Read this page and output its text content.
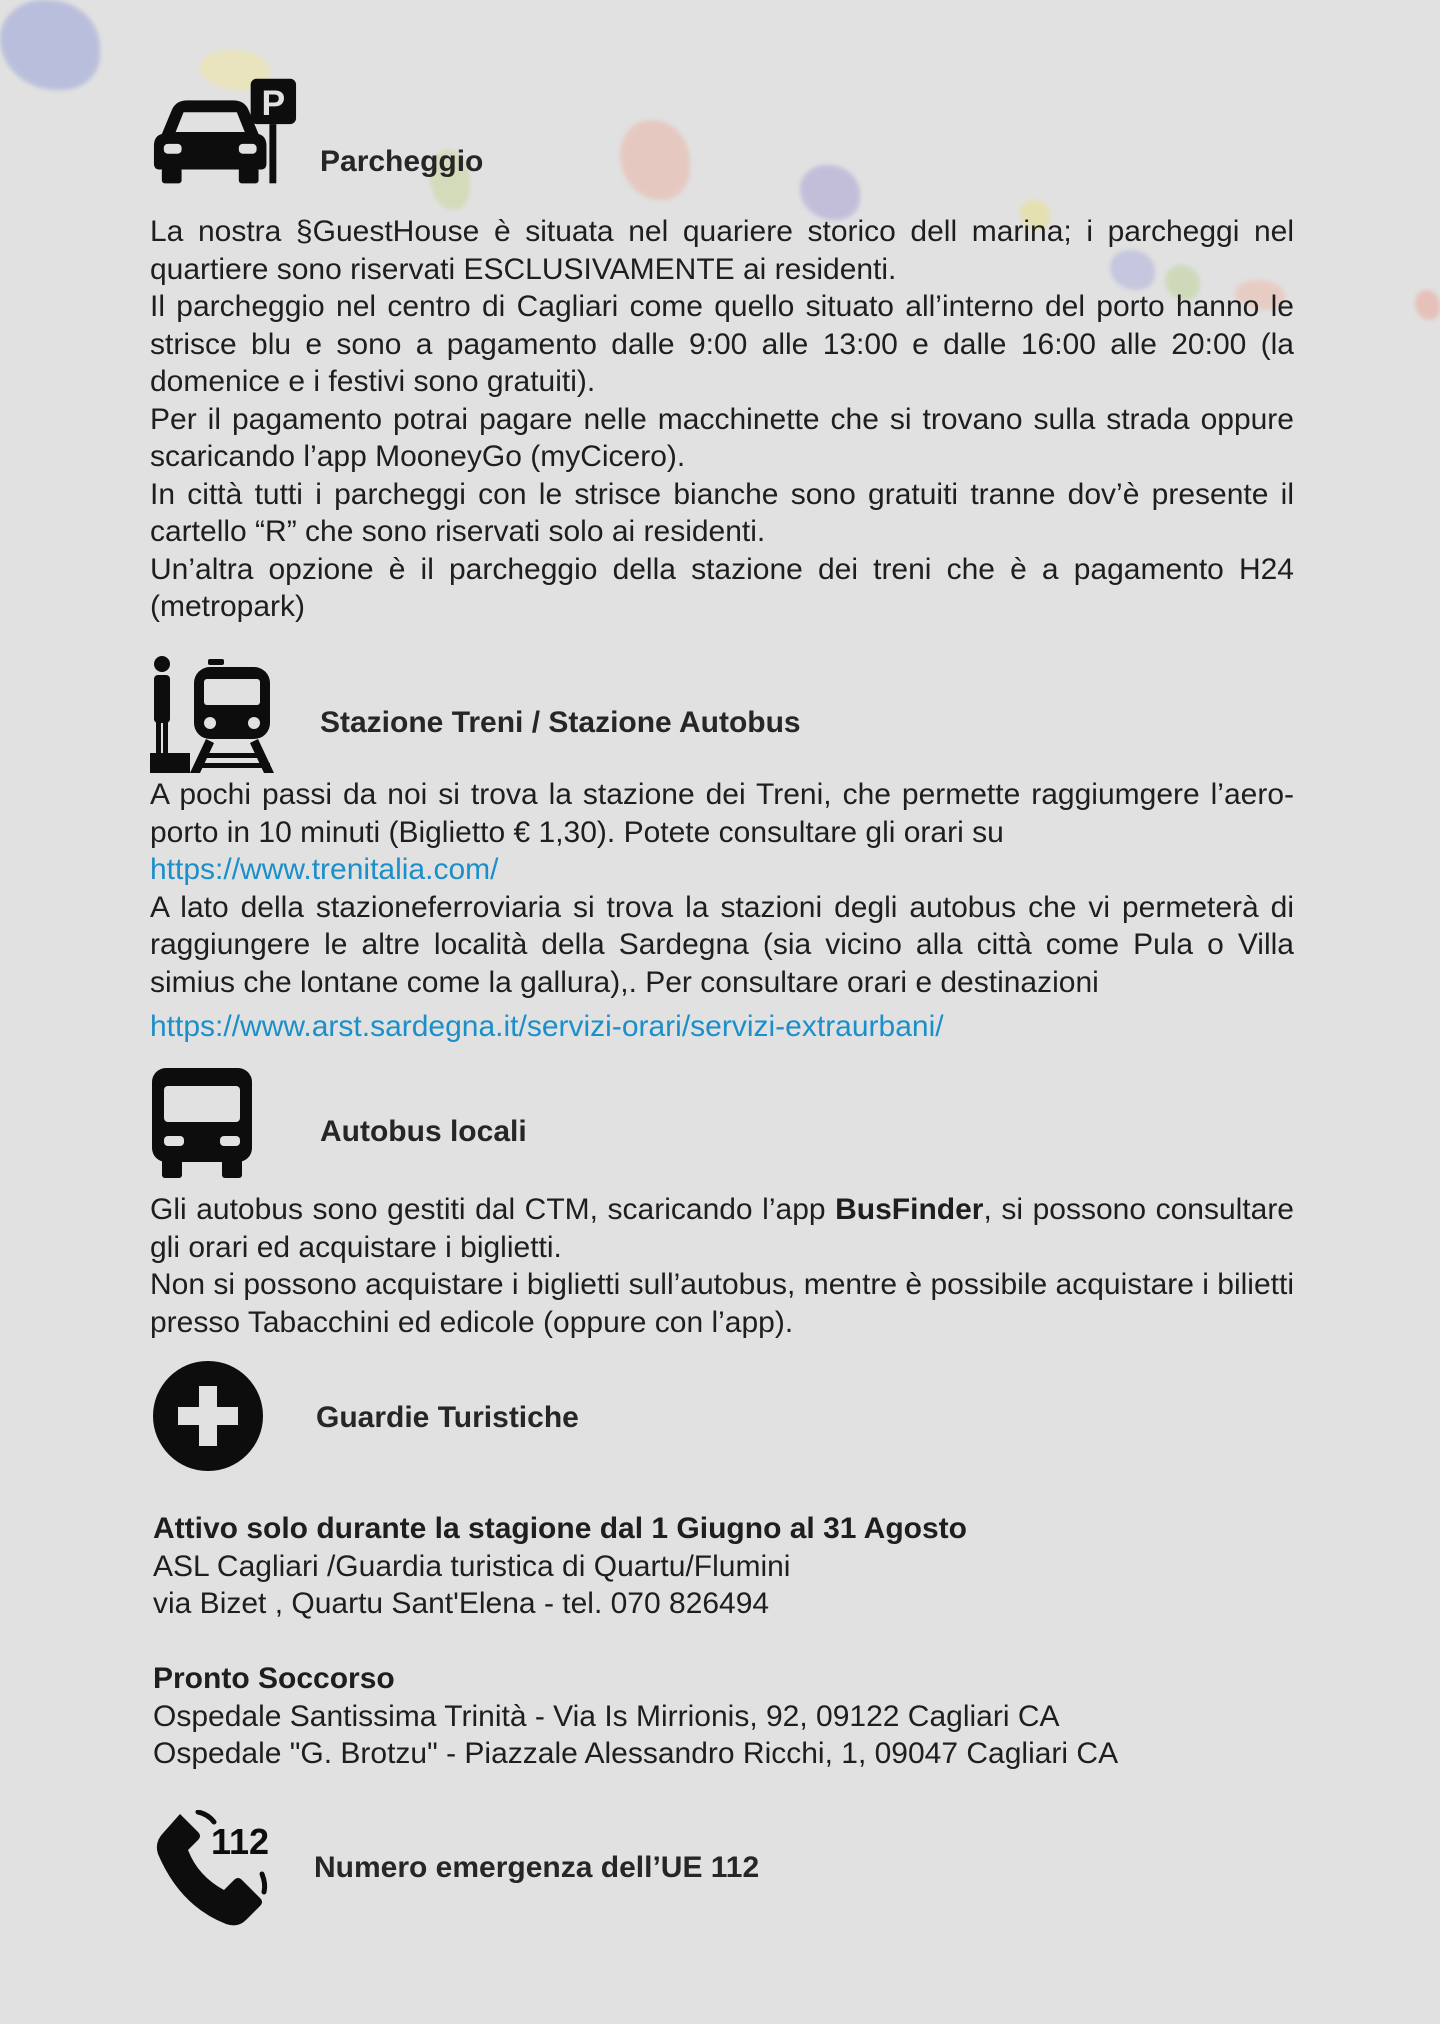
P
Parcheggio

La nostra §GuestHouse è situata nel quariere storico dell marina; i parcheggi nel quartiere sono riservati ESCLUSIVAMENTE ai residenti.

Il parcheggio nel centro di Cagliari come quello situato all’interno del porto hanno le strisce blu e sono a pagamento dalle 9:00 alle 13:00 e dalle 16:00 alle 20:00 (la domenice e i festivi sono gratuiti).

Per il pagamento potrai pagare nelle macchinette che si trovano sulla strada oppure scaricando l’app MooneyGo (myCicero).

In città tutti i parcheggi con le strisce bianche sono gratuiti tranne dov’è presente il cartello “R” che sono riservati solo ai residenti.

Un’altra opzione è il parcheggio della stazione dei treni che è a pagamento H24 (metropark)

Stazione Treni / Stazione Autobus

A pochi passi da noi si trova la stazione dei Treni, che permette raggiumgere l’aero-porto in 10 minuti (Biglietto € 1,30). Potete consultare gli orari su

https://www.trenitalia.com/

A lato della stazioneferroviaria si trova la stazioni degli autobus che vi permeterà di raggiungere le altre località della Sardegna (sia vicino alla città come Pula o Villa simius che lontane come la gallura),. Per consultare orari e destinazioni

https://www.arst.sardegna.it/servizi-orari/servizi-extraurbani/

Autobus locali

Gli autobus sono gestiti dal CTM, scaricando l’app BusFinder, si possono consultare gli orari ed acquistare i biglietti.

Non si possono acquistare i biglietti sull’autobus, mentre è possibile acquistare i bilietti presso Tabacchini ed edicole (oppure con l’app).

Guardie Turistiche

Attivo solo durante la stagione dal 1 Giugno al 31 Agosto

ASL Cagliari /Guardia turistica di Quartu/Flumini

via Bizet , Quartu Sant'Elena - tel. 070 826494

Pronto Soccorso

Ospedale Santissima Trinità - Via Is Mirrionis, 92, 09122 Cagliari CA

Ospedale "G. Brotzu" - Piazzale Alessandro Ricchi, 1, 09047 Cagliari CA

112
Numero emergenza dell’UE 112
